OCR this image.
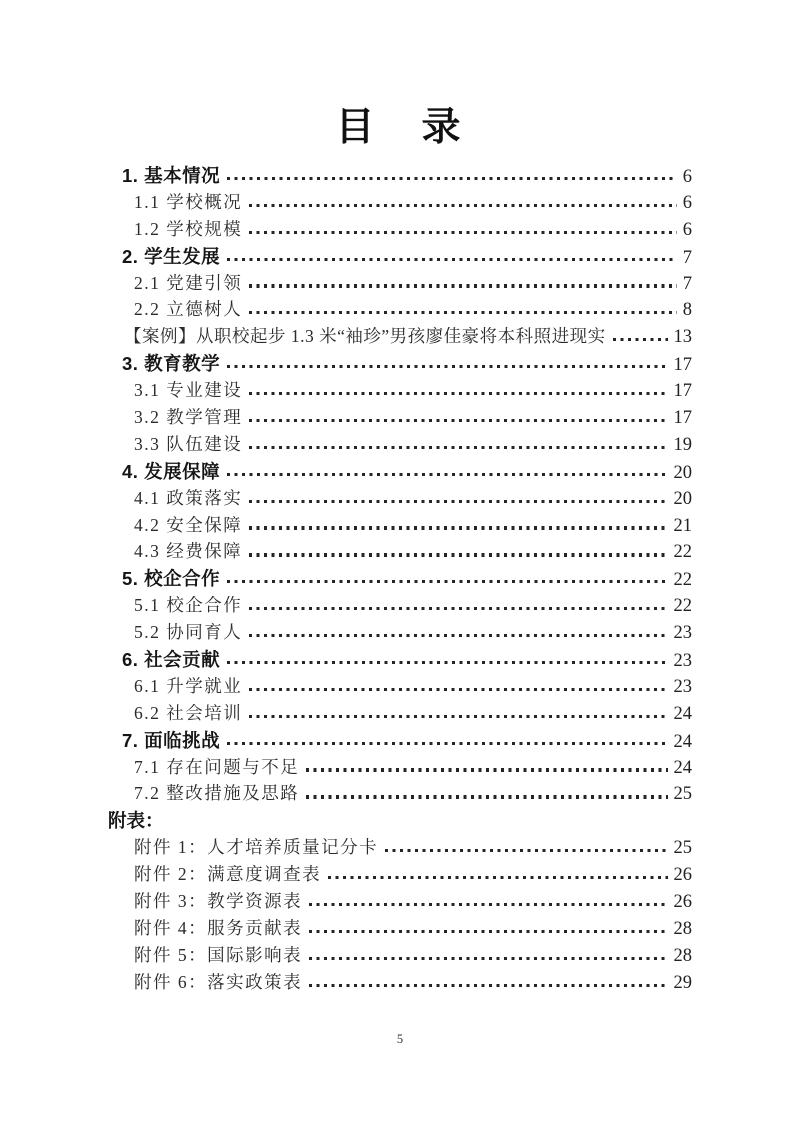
目　录
1. 基本情况	6
1.1 学校概况	6
1.2 学校规模	6
2. 学生发展	7
2.1 党建引领	7
2.2 立德树人	8
【案例】从职校起步 1.3 米“袖珍”男孩廖佳豪将本科照进现实	13
3. 教育教学	17
3.1 专业建设	17
3.2 教学管理	17
3.3 队伍建设	19
4. 发展保障	20
4.1 政策落实	20
4.2 安全保障	21
4.3 经费保障	22
5. 校企合作	22
5.1 校企合作	22
5.2 协同育人	23
6. 社会贡献	23
6.1 升学就业	23
6.2 社会培训	24
7. 面临挑战	24
7.1 存在问题与不足	24
7.2 整改措施及思路	25
附表：
附件 1：人才培养质量记分卡	25
附件 2：满意度调查表	26
附件 3：教学资源表	26
附件 4：服务贡献表	28
附件 5：国际影响表	28
附件 6：落实政策表	29
5
